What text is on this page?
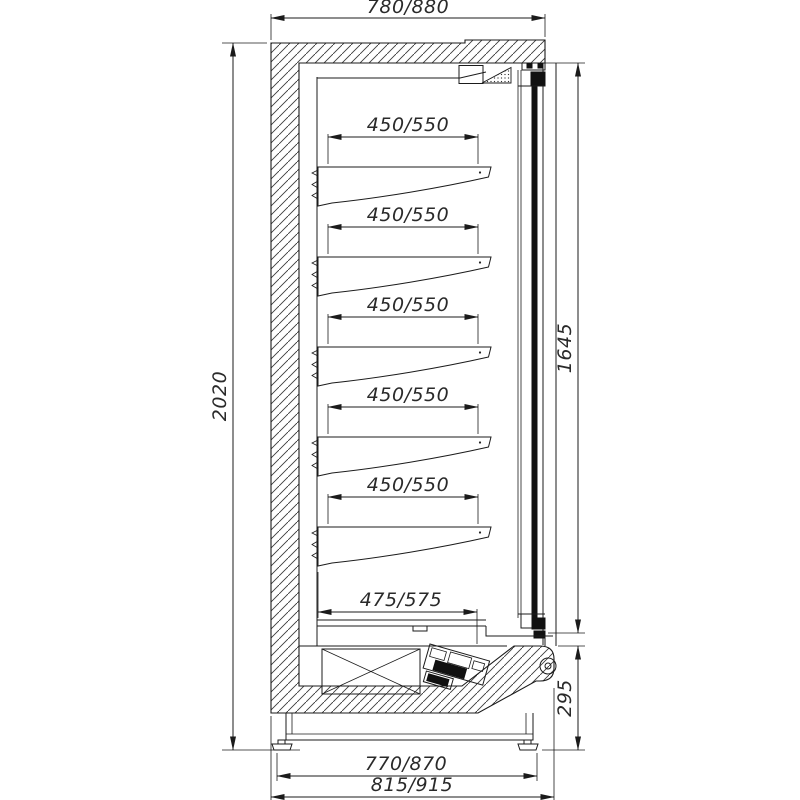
450/550
450/550
450/550
450/550
450/550
475/575
780/880
2020
1645
295
770/870
815/915
